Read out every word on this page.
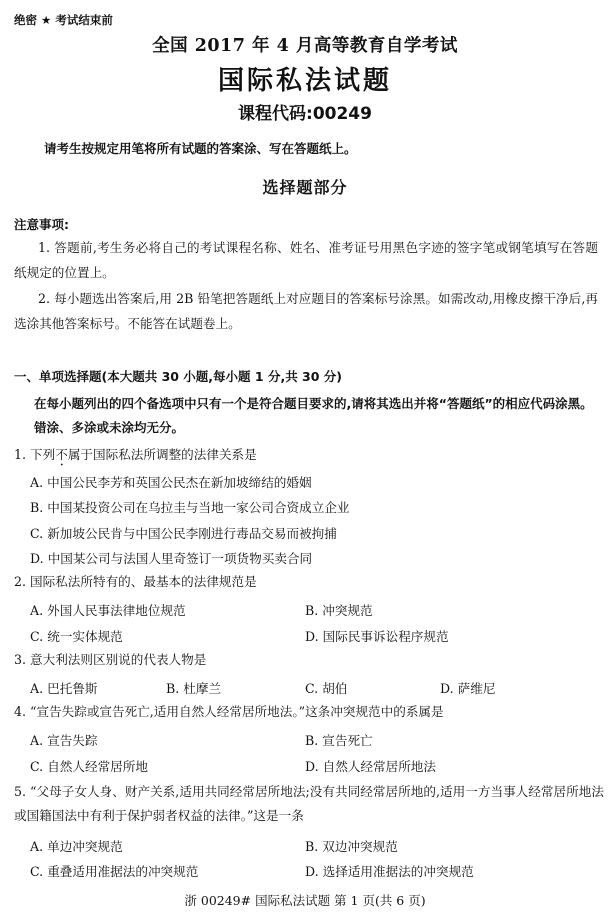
绝密 ★ 考试结束前
全国 2017 年 4 月高等教育自学考试
国际私法试题
课程代码:00249
请考生按规定用笔将所有试题的答案涂、写在答题纸上。
选择题部分
注意事项:
1. 答题前,考生务必将自己的考试课程名称、姓名、准考证号用黑色字迹的签字笔或钢笔填写在答题纸规定的位置上。
2. 每小题选出答案后,用 2B 铅笔把答题纸上对应题目的答案标号涂黑。如需改动,用橡皮擦干净后,再选涂其他答案标号。不能答在试题卷上。
一、单项选择题(本大题共 30 小题,每小题 1 分,共 30 分)
在每小题列出的四个备选项中只有一个是符合题目要求的,请将其选出并将“答题纸”的相应代码涂黑。错涂、多涂或未涂均无分。
1. 下列不属于国际私法所调整的法律关系是
A. 中国公民李芳和英国公民杰在新加坡缔结的婚姻
B. 中国某投资公司在乌拉圭与当地一家公司合资成立企业
C. 新加坡公民肯与中国公民李刚进行毒品交易而被拘捕
D. 中国某公司与法国人里奇签订一项货物买卖合同
2. 国际私法所特有的、最基本的法律规范是
A. 外国人民事法律地位规范	B. 冲突规范
C. 统一实体规范	D. 国际民事诉讼程序规范
3. 意大利法则区别说的代表人物是
A. 巴托鲁斯	B. 杜摩兰	C. 胡伯	D. 萨维尼
4. “宣告失踪或宣告死亡,适用自然人经常居所地法。”这条冲突规范中的系属是
A. 宣告失踪	B. 宣告死亡
C. 自然人经常居所地	D. 自然人经常居所地法
5. “父母子女人身、财产关系,适用共同经常居所地法;没有共同经常居所地的,适用一方当事人经常居所地法或国籍国法中有利于保护弱者权益的法律。”这是一条
A. 单边冲突规范	B. 双边冲突规范
C. 重叠适用准据法的冲突规范	D. 选择适用准据法的冲突规范
浙 00249# 国际私法试题 第 1 页(共 6 页)
